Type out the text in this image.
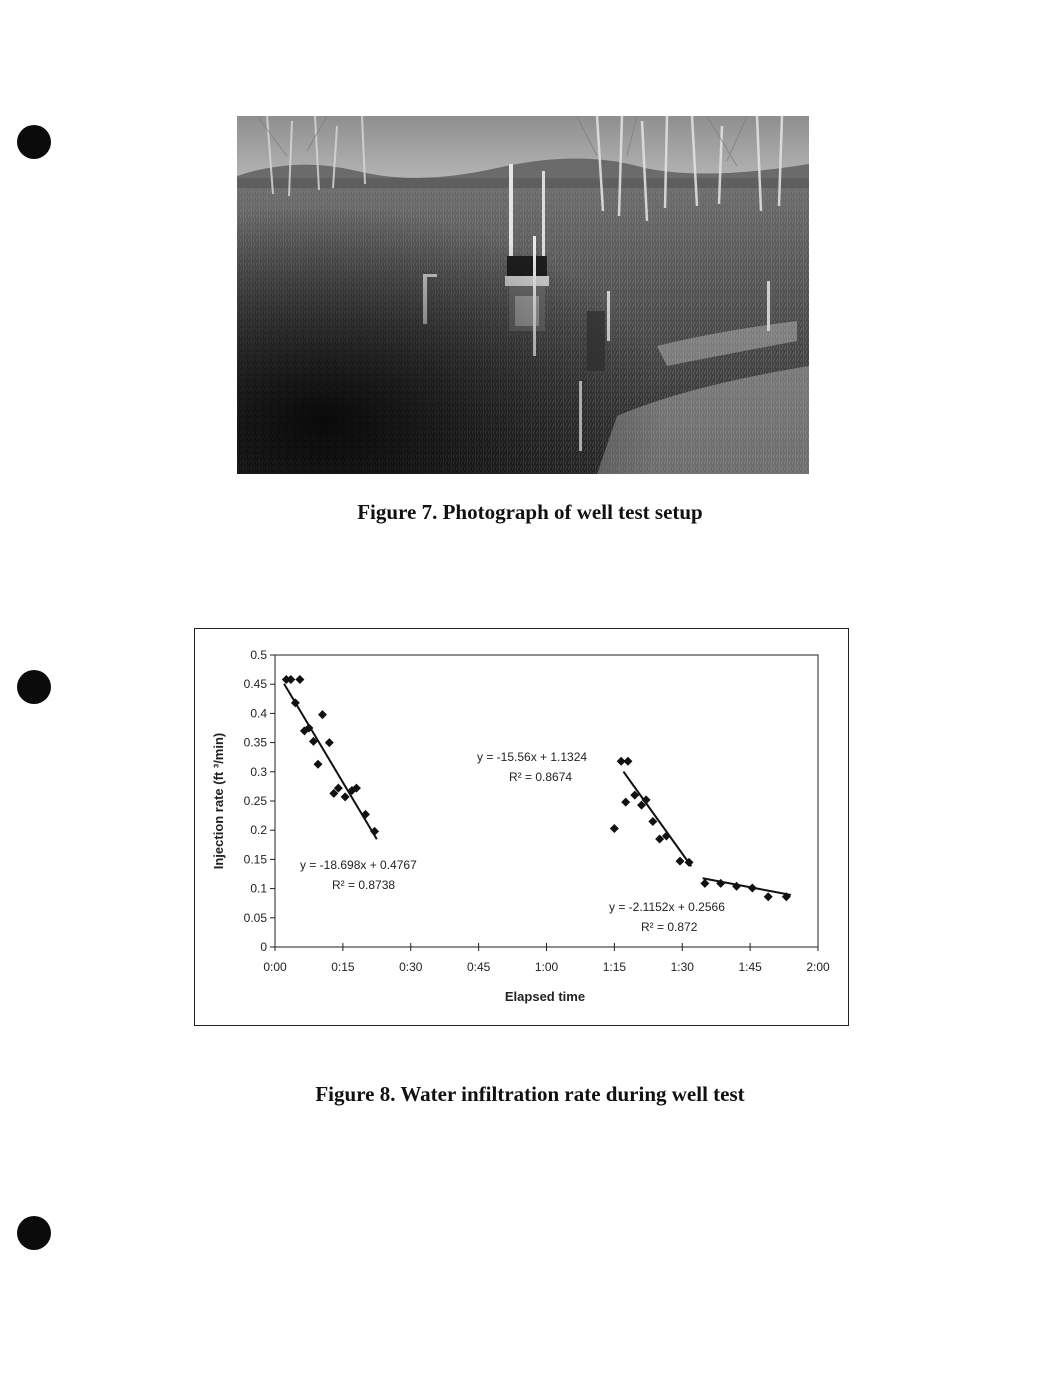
Figure 7. Photograph of well test setup
0
0.05
0.1
0.15
0.2
0.25
0.3
0.35
0.4
0.45
0.5
0:00	0:15	0:30	0:45	1:00	1:15	1:30	1:45	2:00
y = -18.698x + 0.4767
R² = 0.8738
y = -15.56x + 1.1324
R² = 0.8674
y = -2.1152x + 0.2566
R² = 0.872
Elapsed time
Injection rate (ft ³/min)
Figure 8. Water infiltration rate during well test
